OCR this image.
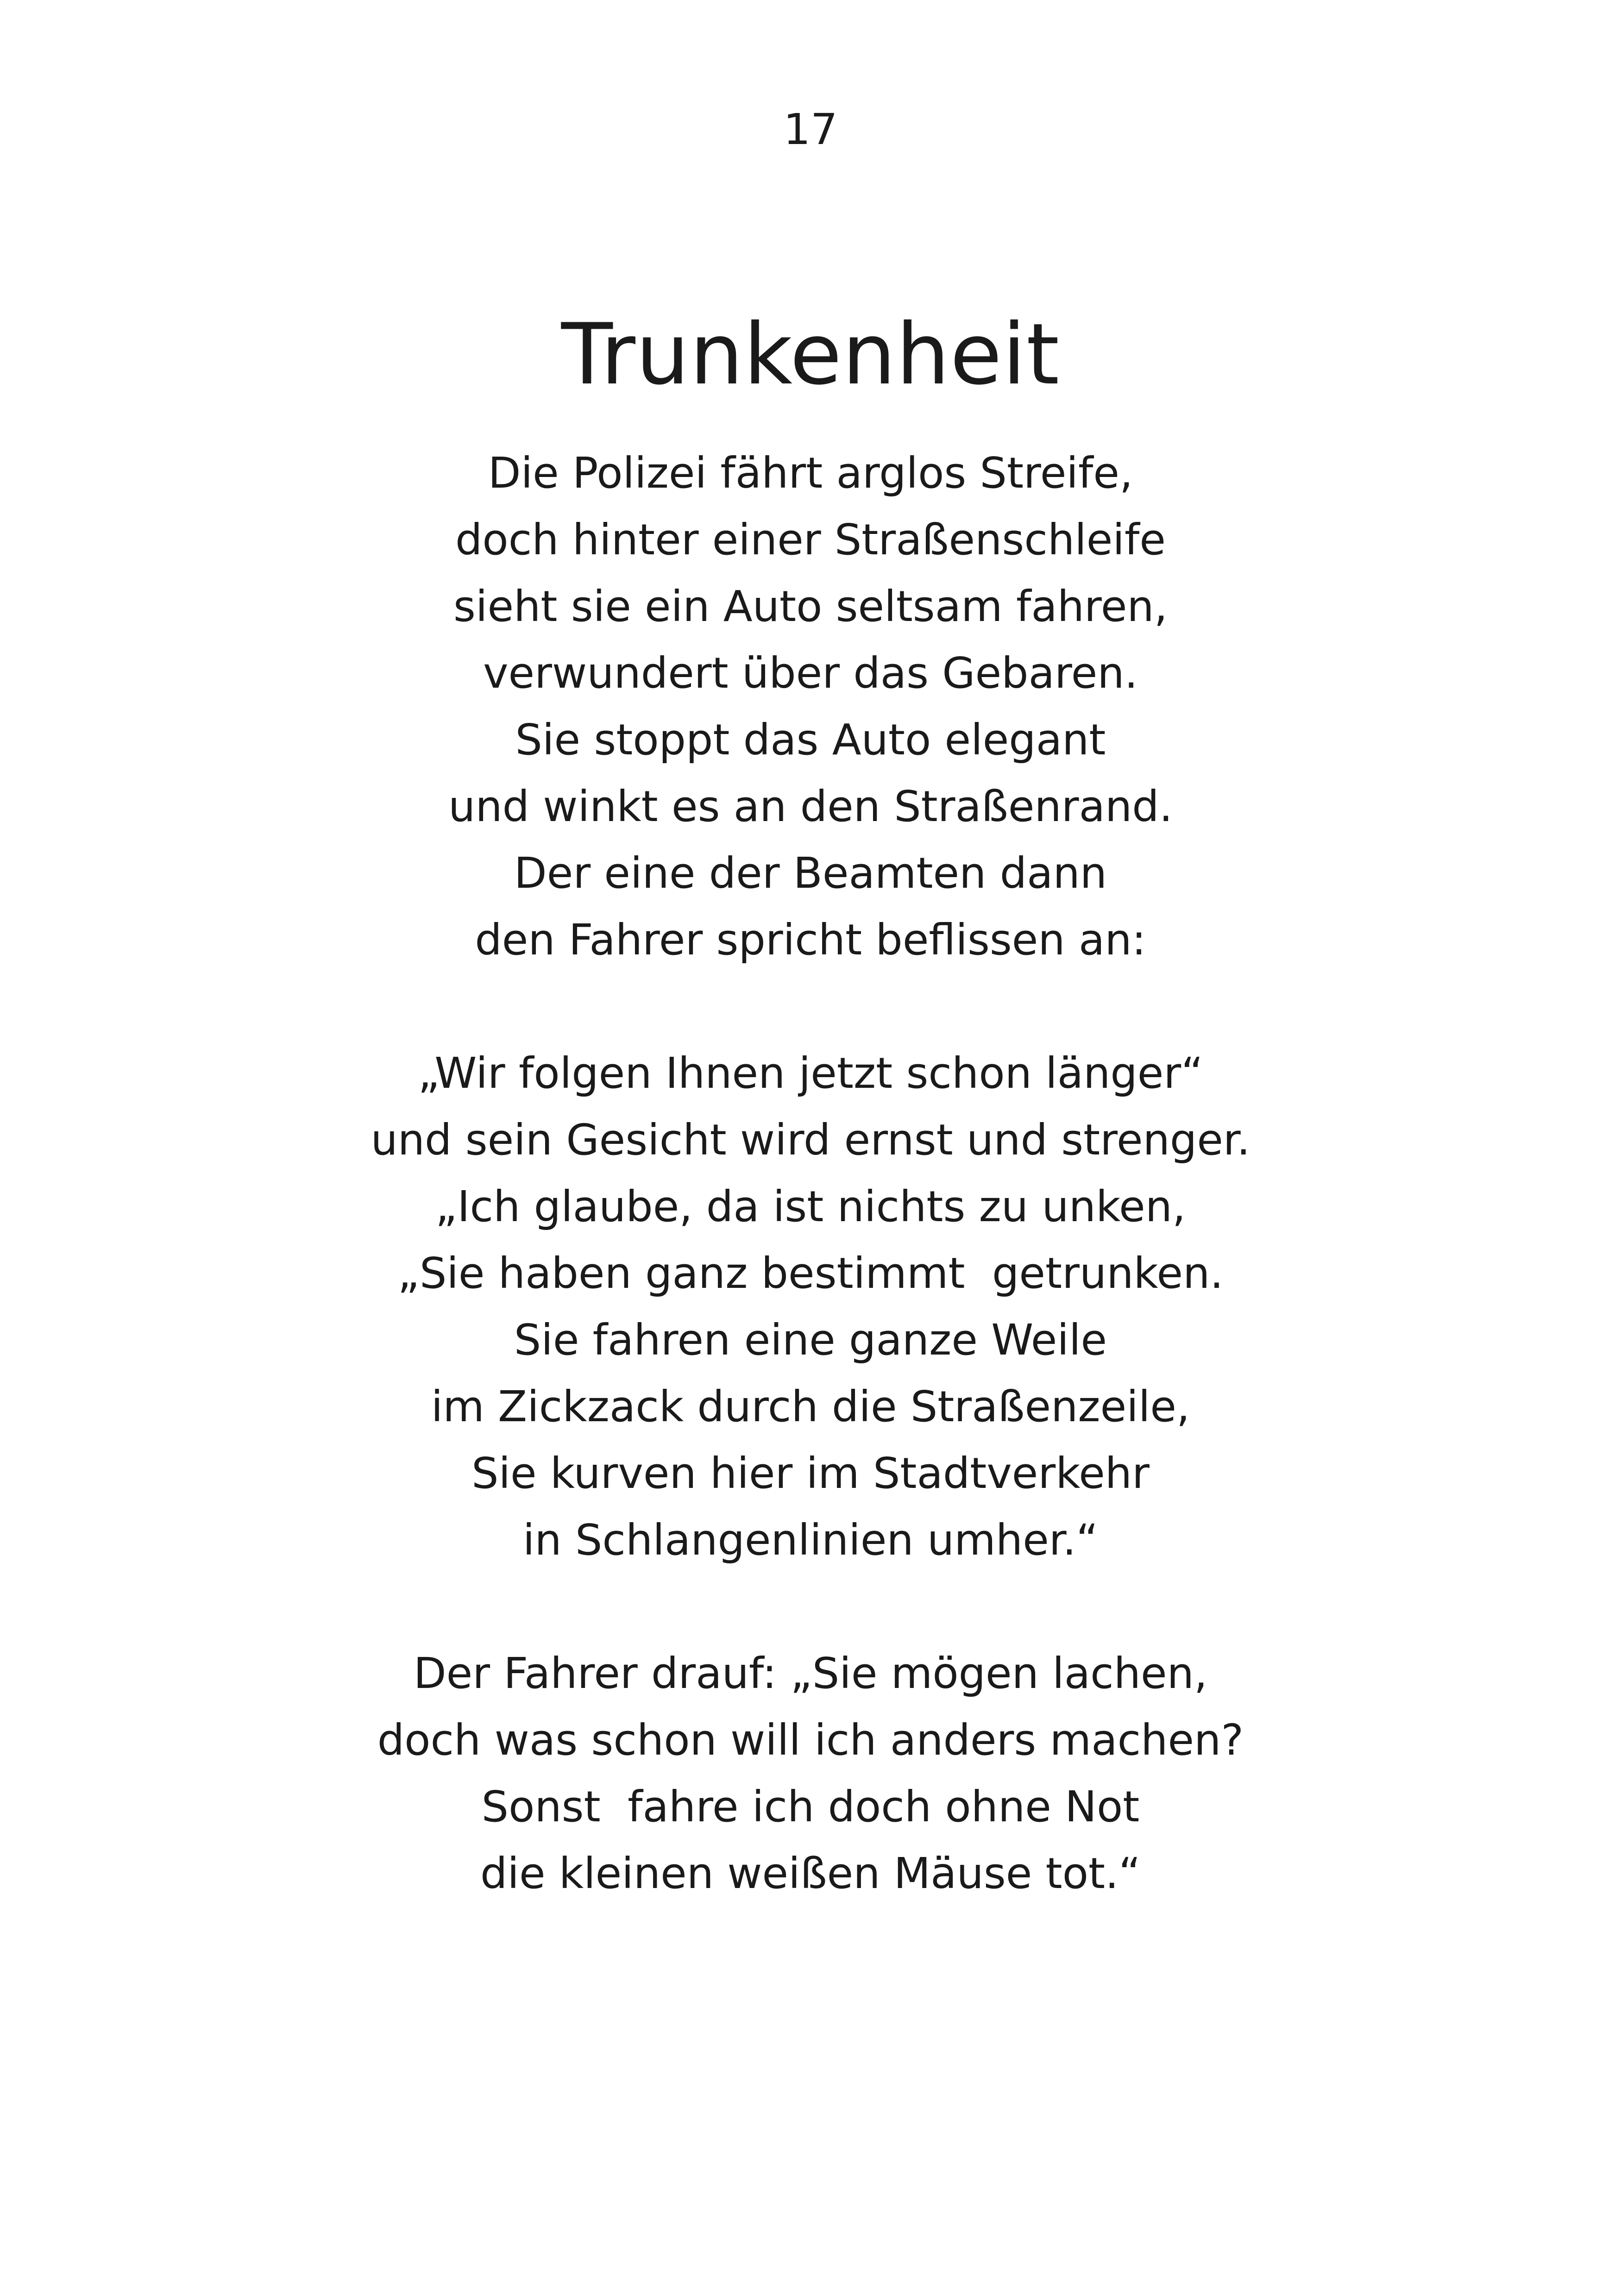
17
Trunkenheit
Die Polizei fährt arglos Streife,
doch hinter einer Straßenschleife
sieht sie ein Auto seltsam fahren,
verwundert über das Gebaren.
Sie stoppt das Auto elegant
und winkt es an den Straßenrand.
Der eine der Beamten dann
den Fahrer spricht beflissen an:
„Wir folgen Ihnen jetzt schon länger“
und sein Gesicht wird ernst und strenger.
„Ich glaube, da ist nichts zu unken,
„Sie haben ganz bestimmt  getrunken.
Sie fahren eine ganze Weile
im Zickzack durch die Straßenzeile,
Sie kurven hier im Stadtverkehr
in Schlangenlinien umher.“
Der Fahrer drauf: „Sie mögen lachen,
doch was schon will ich anders machen?
Sonst  fahre ich doch ohne Not
die kleinen weißen Mäuse tot.“
